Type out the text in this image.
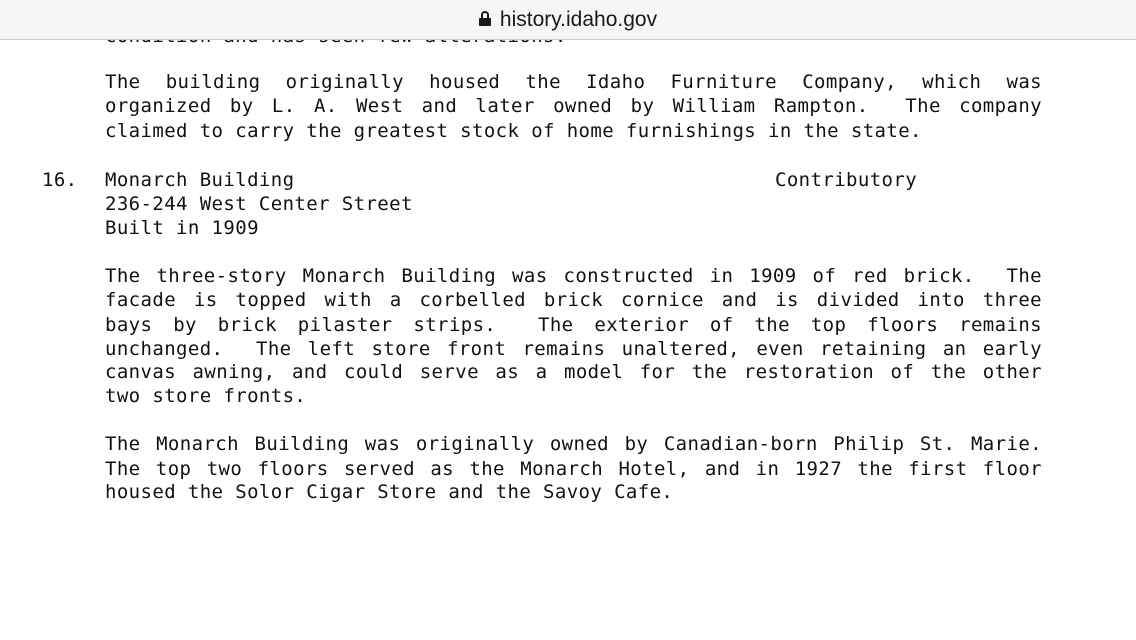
history.idaho.gov
The building originally housed the Idaho Furniture Company, which was
organized by L. A. West and later owned by William Rampton.  The company
claimed to carry the greatest stock of home furnishings in the state.
16. Monarch Building	Contributory
236-244 West Center Street
Built in 1909
The three-story Monarch Building was constructed in 1909 of red brick.  The
facade is topped with a corbelled brick cornice and is divided into three
bays by brick pilaster strips.  The exterior of the top floors remains
unchanged.  The left store front remains unaltered, even retaining an early
canvas awning, and could serve as a model for the restoration of the other
two store fronts.
The Monarch Building was originally owned by Canadian-born Philip St. Marie.
The top two floors served as the Monarch Hotel, and in 1927 the first floor
housed the Solor Cigar Store and the Savoy Cafe.
